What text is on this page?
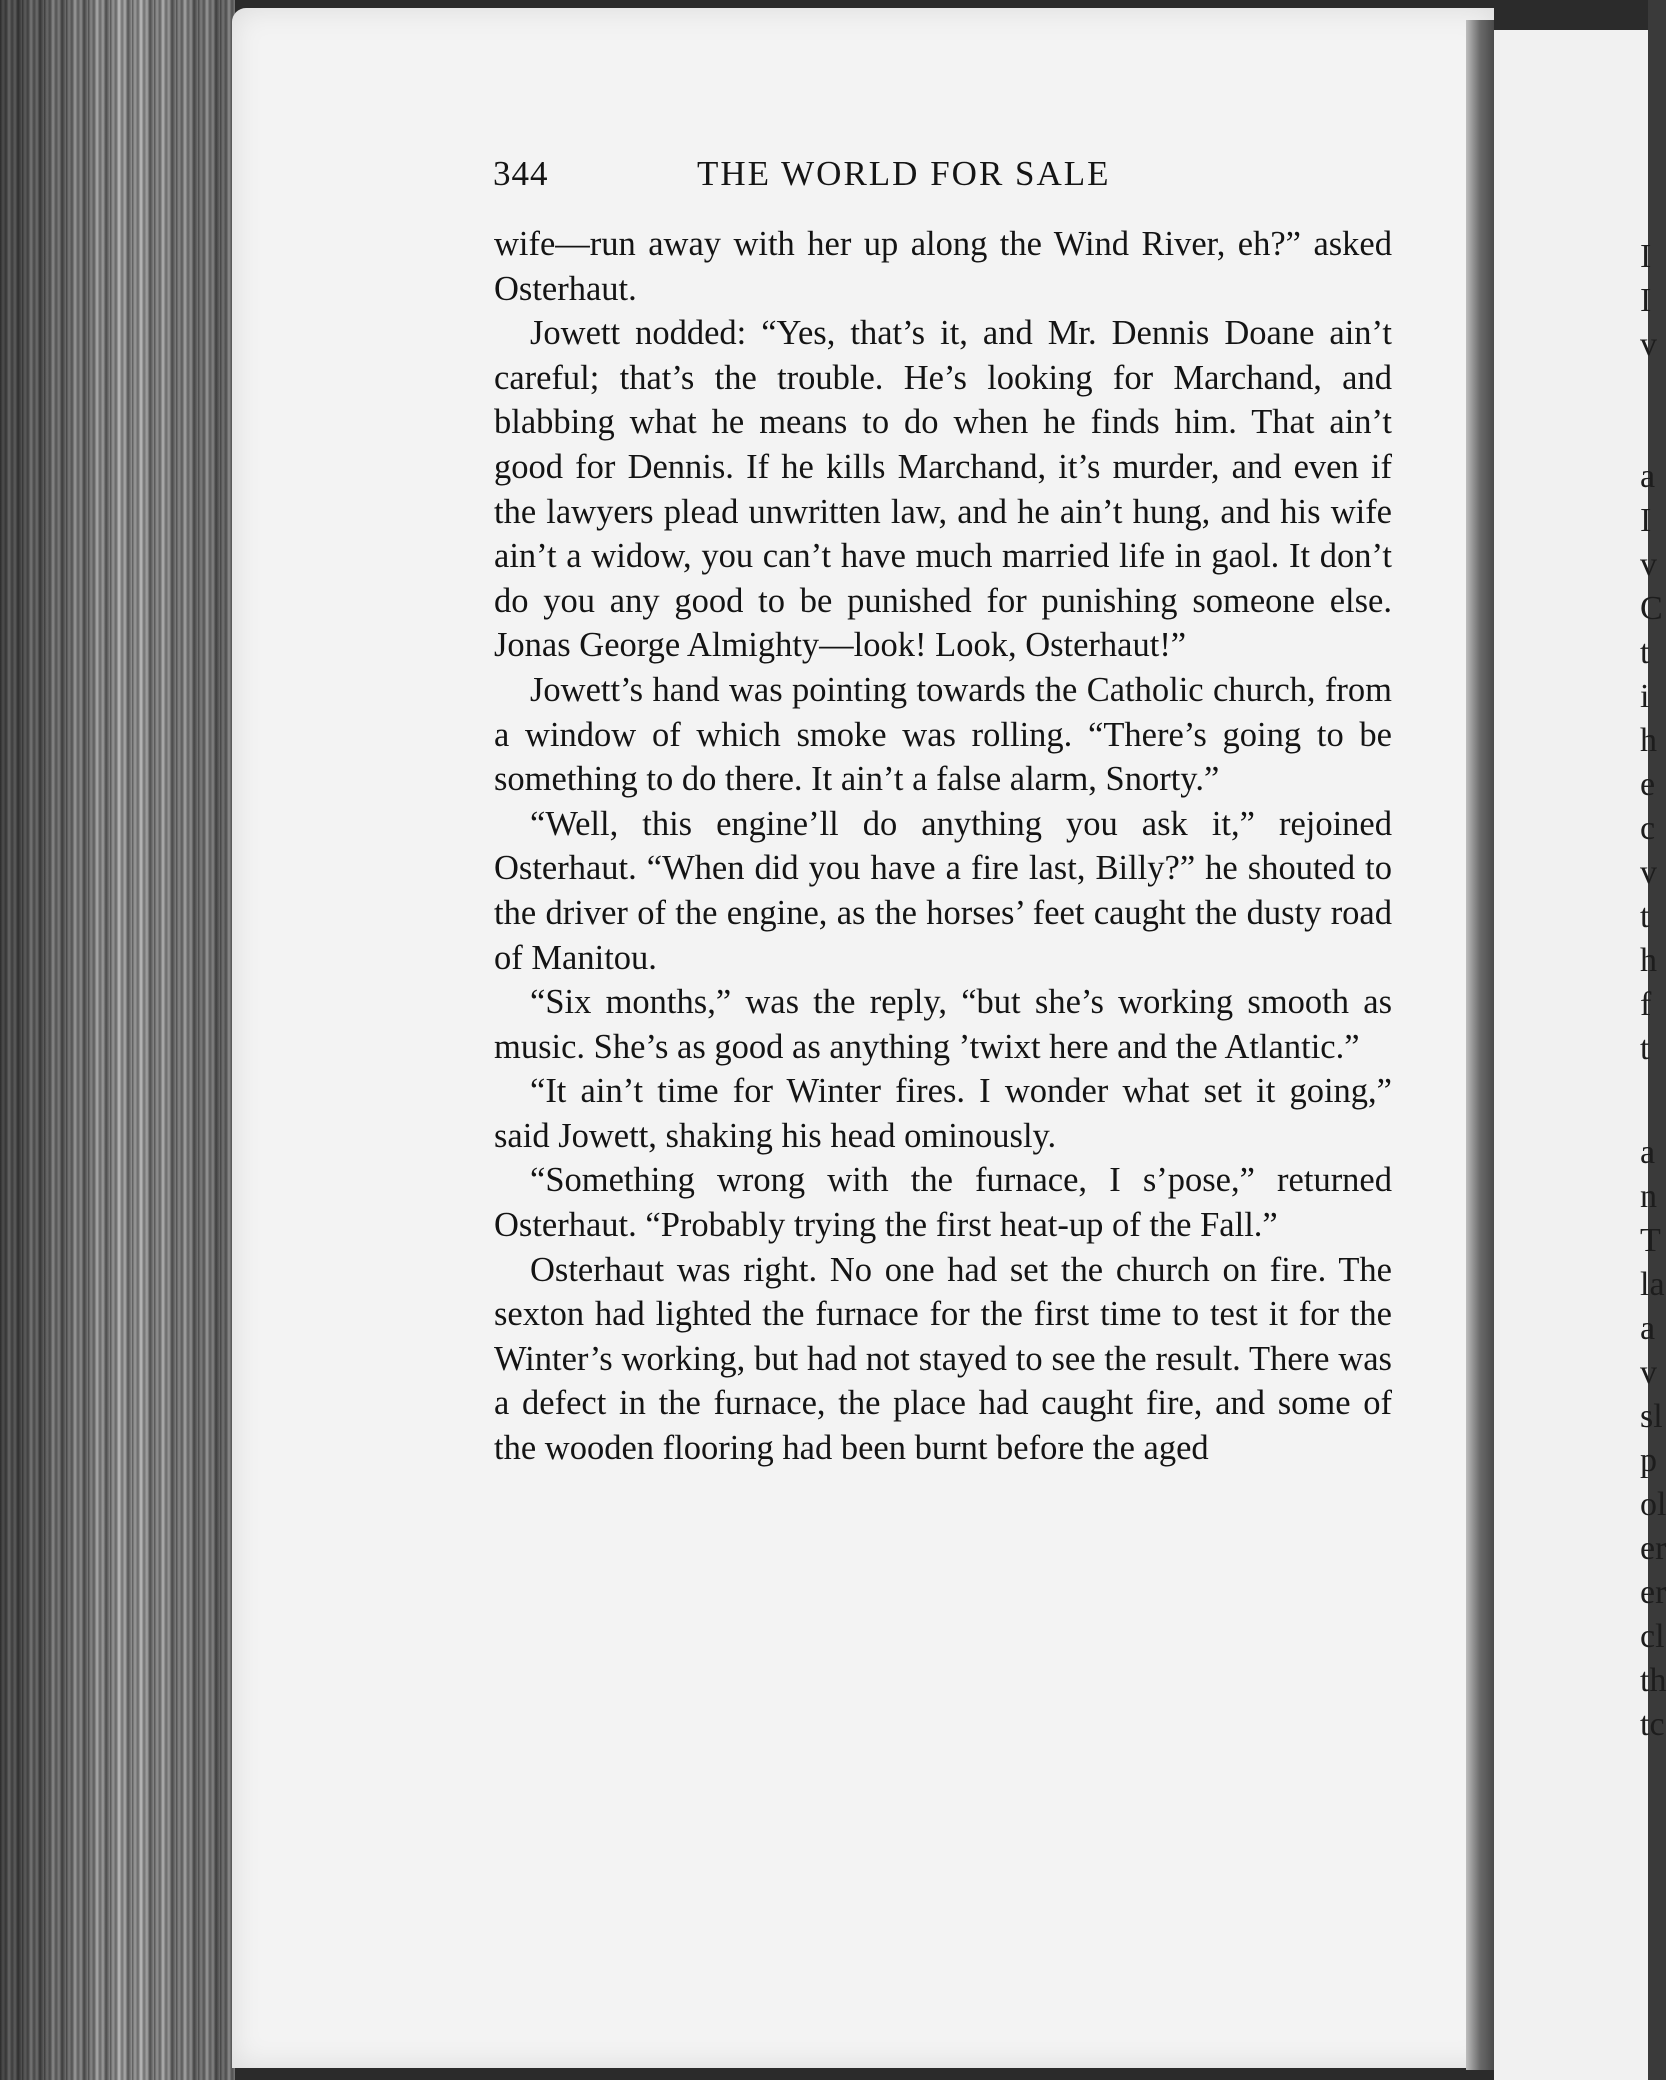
I
I
v
a
I
v
C
t
i
h
e
c
v
t
h
f
t
a
n
T
la
a
v
sl
p
ol
er
er
cl
th
tc
344	THE WORLD FOR SALE

wife—run away with her up along the Wind River, eh?” asked Osterhaut.

Jowett nodded: “Yes, that’s it, and Mr. Dennis Doane ain’t careful; that’s the trouble. He’s looking for Marchand, and blabbing what he means to do when he finds him. That ain’t good for Dennis. If he kills Marchand, it’s murder, and even if the lawyers plead unwritten law, and he ain’t hung, and his wife ain’t a widow, you can’t have much married life in gaol. It don’t do you any good to be punished for punishing someone else. Jonas George Almighty—look! Look, Osterhaut!”

Jowett’s hand was pointing towards the Catholic church, from a window of which smoke was rolling. “There’s going to be something to do there. It ain’t a false alarm, Snorty.”

“Well, this engine’ll do anything you ask it,” rejoined Osterhaut. “When did you have a fire last, Billy?” he shouted to the driver of the engine, as the horses’ feet caught the dusty road of Manitou.

“Six months,” was the reply, “but she’s working smooth as music. She’s as good as anything ’twixt here and the Atlantic.”

“It ain’t time for Winter fires. I wonder what set it going,” said Jowett, shaking his head ominously.

“Something wrong with the furnace, I s’pose,” returned Osterhaut. “Probably trying the first heat-up of the Fall.”

Osterhaut was right. No one had set the church on fire. The sexton had lighted the furnace for the first time to test it for the Winter’s working, but had not stayed to see the result. There was a defect in the furnace, the place had caught fire, and some of the wooden flooring had been burnt before the aged
